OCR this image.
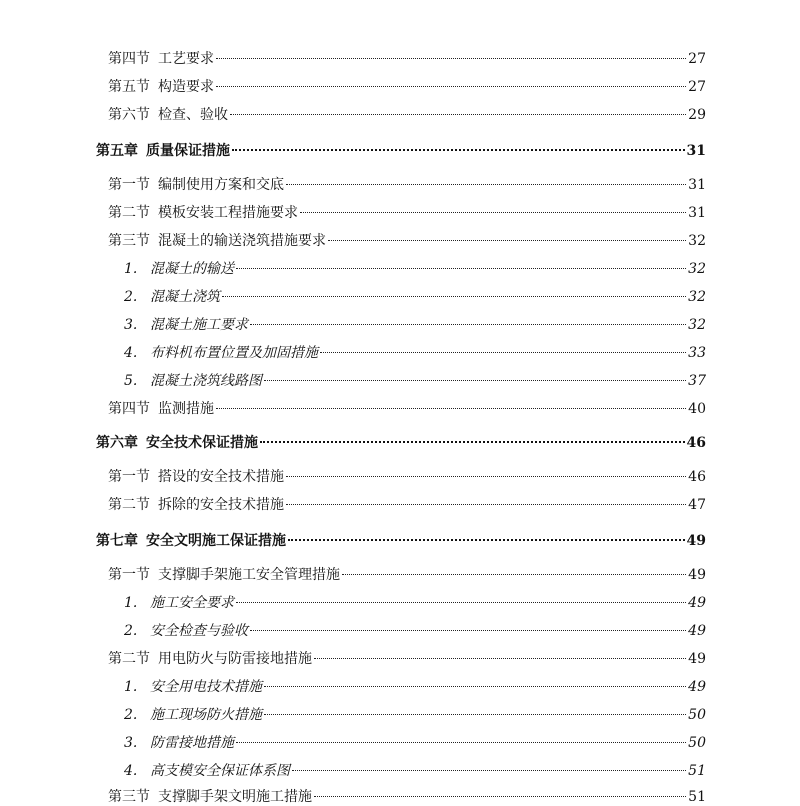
第四节 工艺要求	27
第五节 构造要求	27
第六节 检查、验收	29
第五章 质量保证措施	31
第一节 编制使用方案和交底	31
第二节 模板安装工程措施要求	31
第三节 混凝土的输送浇筑措施要求	32
1. 混凝土的输送	32
2. 混凝土浇筑	32
3. 混凝土施工要求	32
4. 布料机布置位置及加固措施	33
5. 混凝土浇筑线路图	37
第四节 监测措施	40
第六章 安全技术保证措施	46
第一节 搭设的安全技术措施	46
第二节 拆除的安全技术措施	47
第七章 安全文明施工保证措施	49
第一节 支撑脚手架施工安全管理措施	49
1. 施工安全要求	49
2. 安全检查与验收	49
第二节 用电防火与防雷接地措施	49
1. 安全用电技术措施	49
2. 施工现场防火措施	50
3. 防雷接地措施	50
4. 高支模安全保证体系图	51
第三节 支撑脚手架文明施工措施	51
